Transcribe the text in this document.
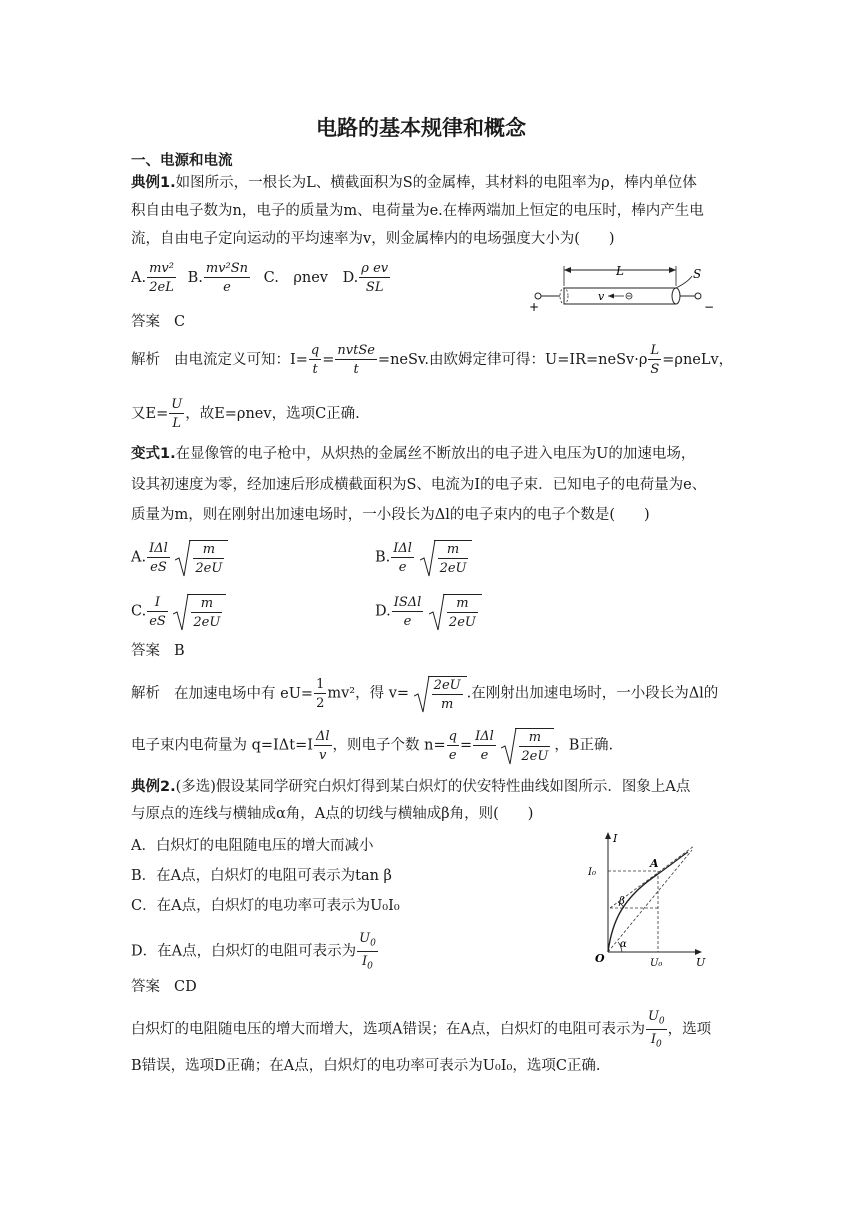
电路的基本规律和概念
一、电源和电流
典例1.如图所示，一根长为L、横截面积为S的金属棒，其材料的电阻率为ρ，棒内单位体
积自由电子数为n，电子的质量为m、电荷量为e.在棒两端加上恒定的电压时，棒内产生电
流，自由电子定向运动的平均速率为v，则金属棒内的电场强度大小为(　　)
A. $\frac{\text{mv²}}{2eL} B$. $\frac{\text{mv²Sn}}{e} C$.　ρnev D. $\frac{\text{ρ ev}}{SL}$	L	S
+	−
v
答案 C
解析 由电流定义可知：$I= \frac{q}{t} = \frac{\text{nvtSe}}{t}$ =neSv.由欧姆定律可得：U=IR=neSv·ρ $\frac{L}{S}$ =ρneLv，
又$E= \frac{U}{L}$ ，故E=ρnev，选项C正确.
变式1.在显像管的电子枪中，从炽热的金属丝不断放出的电子进入电压为U的加速电场，
设其初速度为零，经加速后形成横截面积为S、电流为I的电子束．已知电子的电荷量为e、
质量为m，则在刚射出加速电场时，一小段长为Δl的电子束内的电子个数是(　　)
A. $\frac{\text{IΔl}}{eS}$
$\frac{m}{2eU}$	B. $\frac{\text{IΔl}}{e}$
$\frac{m}{2eU}$
C. $\frac{I}{eS}$
$\frac{m}{2eU}$	D. $\frac{\text{ISΔl}}{e}$
$\frac{m}{2eU}$
答案 B
解析 在加速电场中有 $eU= \frac{1}{2} mv^2$，得 $v= \frac{2eU}{m}$ .在刚射出加速电场时，一小段长为Δl的
电子束内电荷量为 $q=I\Delta t=I \frac{\Delta l}{v}$ ，则电子个数 $n= \frac{q}{e} = \frac{\text{IΔl}}{e}$
$\frac{m}{2eU}$ ，B正确.
典例2.(多选)假设某同学研究白炽灯得到某白炽灯的伏安特性曲线如图所示．图象上A点
与原点的连线与横轴成α角，A点的切线与横轴成β角，则(　　)
A．白炽灯的电阻随电压的增大而减小
B．在A点，白炽灯的电阻可表示为tan β
C．在A点，白炽灯的电功率可表示为U₀I₀
D．在A点，白炽灯的电阻可表示为 $\frac{U_0}{I_0}$
I
U
O
I₀
U₀
A
α
β
答案 CD
白炽灯的电阻随电压的增大而增大，选项A错误；在A点，白炽灯的电阻可表示为 $\frac{U_0}{I_0}$ ，选项
B错误，选项D正确；在A点，白炽灯的电功率可表示为U₀I₀，选项C正确.
